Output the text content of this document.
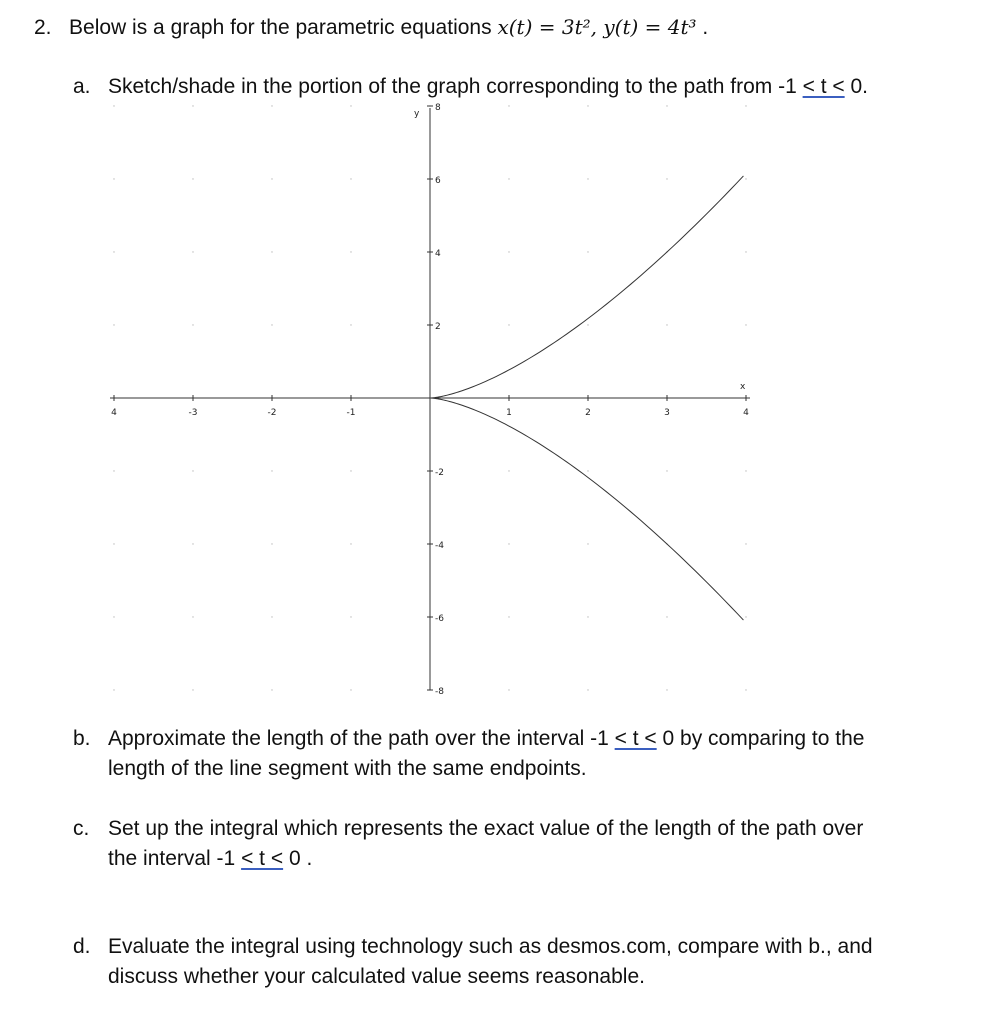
2. Below is a graph for the parametric equations x(t) = 3t², y(t) = 4t³ .
a. Sketch/shade in the portion of the graph corresponding to the path from -1 < t < 0.
4	-3	-2	-1	1	2	3	4
8
6
4
2
-2
-4
-6
-8
x
y
b. Approximate the length of the path over the interval -1 < t < 0 by comparing to the
length of the line segment with the same endpoints.
c. Set up the integral which represents the exact value of the length of the path over
the interval -1 < t < 0 .
d. Evaluate the integral using technology such as desmos.com, compare with b., and
discuss whether your calculated value seems reasonable.
